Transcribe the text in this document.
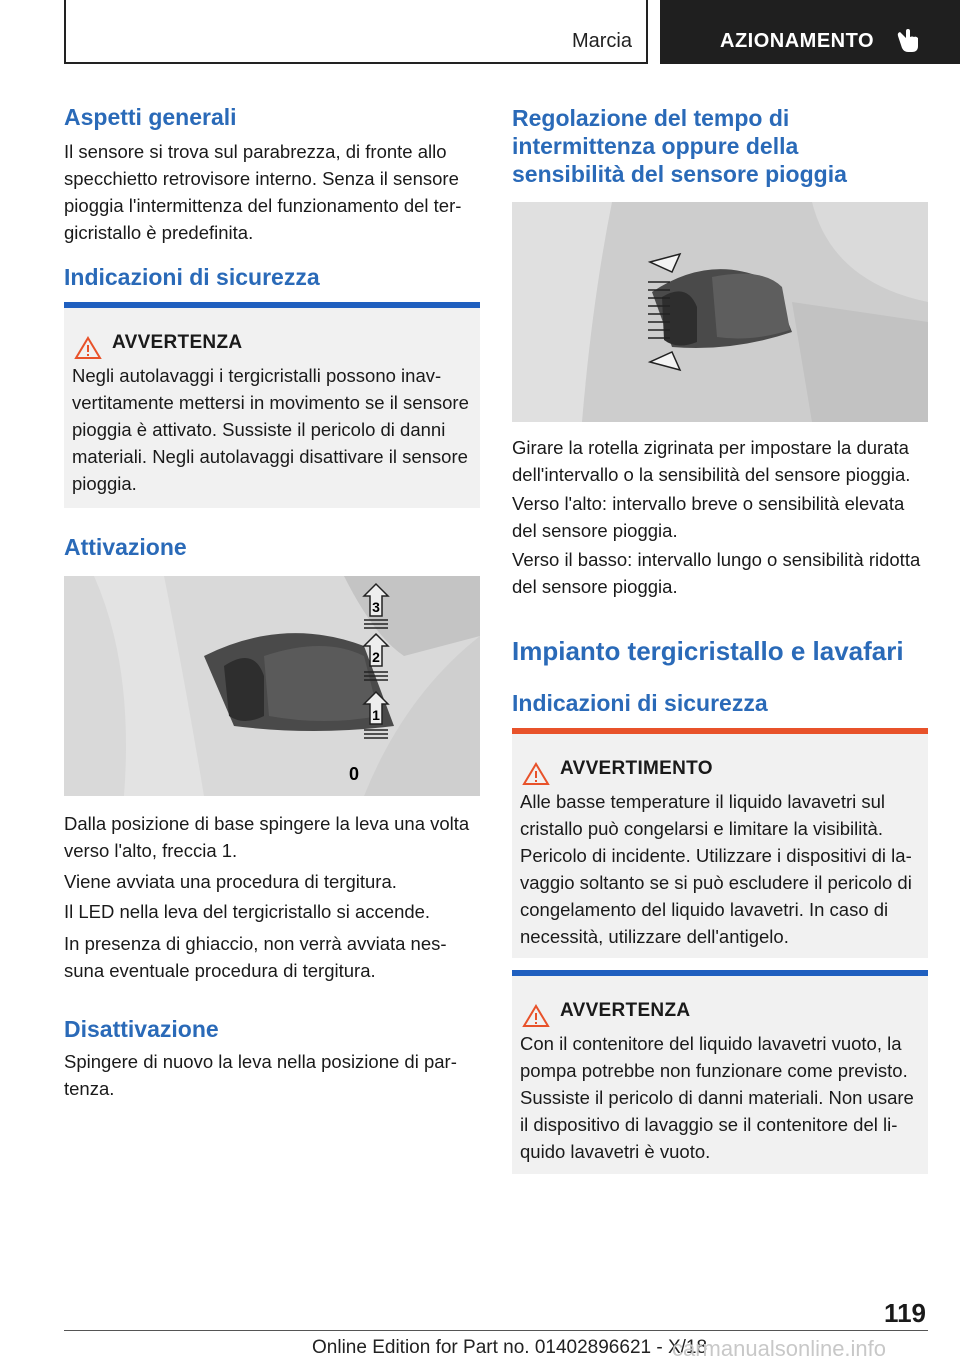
Marcia	AZIONAMENTO
Aspetti generali

Il sensore si trova sul parabrezza, di fronte allo specchietto retrovisore interno. Senza il sensore pioggia l'intermittenza del funzionamento del tergicristallo è predefinita.

Indicazioni di sicurezza
AVVERTENZA

Negli autolavaggi i tergicristalli possono inavvertitamente mettersi in movimento se il sensore pioggia è attivato. Sussiste il pericolo di danni materiali. Negli autolavaggi disattivare il sensore pioggia.

Attivazione
3
2
1
0

Dalla posizione di base spingere la leva una volta verso l'alto, freccia 1.

Viene avviata una procedura di tergitura.

Il LED nella leva del tergicristallo si accende.

In presenza di ghiaccio, non verrà avviata nessuna eventuale procedura di tergitura.

Disattivazione

Spingere di nuovo la leva nella posizione di partenza.

Regolazione del tempo di intermittenza oppure della sensibilità del sensore pioggia

Girare la rotella zigrinata per impostare la durata dell'intervallo o la sensibilità del sensore pioggia.

Verso l'alto: intervallo breve o sensibilità elevata del sensore pioggia.

Verso il basso: intervallo lungo o sensibilità ridotta del sensore pioggia.

Impianto tergicristallo e lavafari
Indicazioni di sicurezza
AVVERTIMENTO

Alle basse temperature il liquido lavavetri sul cristallo può congelarsi e limitare la visibilità. Pericolo di incidente. Utilizzare i dispositivi di lavaggio soltanto se si può escludere il pericolo di congelamento del liquido lavavetri. In caso di necessità, utilizzare dell'antigelo.

AVVERTENZA

Con il contenitore del liquido lavavetri vuoto, la pompa potrebbe non funzionare come previsto. Sussiste il pericolo di danni materiali. Non usare il dispositivo di lavaggio se il contenitore del liquido lavavetri è vuoto.

119
Online Edition for Part no. 01402896621 - X/18
carmanualsonline.info
